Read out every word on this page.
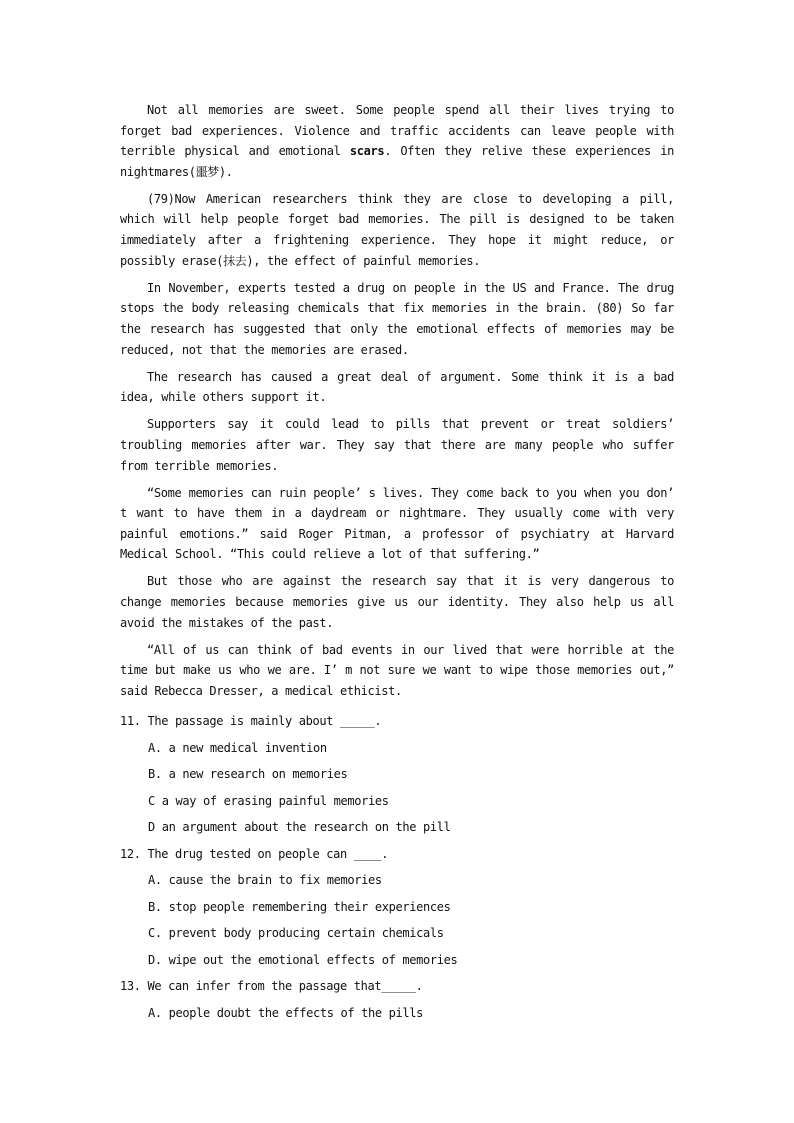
Not all memories are sweet. Some people spend all their lives trying to forget bad experiences. Violence and traffic accidents can leave people with terrible physical and emotional scars. Often they relive these experiences in nightmares(噩梦).

(79)Now American researchers think they are close to developing a pill, which will help people forget bad memories. The pill is designed to be taken immediately after a frightening experience. They hope it might reduce, or possibly erase(抹去), the effect of painful memories.

In November, experts tested a drug on people in the US and France. The drug stops the body releasing chemicals that fix memories in the brain. (80) So far the research has suggested that only the emotional effects of memories may be reduced, not that the memories are erased.

The research has caused a great deal of argument. Some think it is a bad idea, while others support it.

Supporters say it could lead to pills that prevent or treat soldiers’ troubling memories after war. They say that there are many people who suffer from terrible memories.

“Some memories can ruin people’ s lives. They come back to you when you don’ t want to have them in a daydream or nightmare. They usually come with very painful emotions.” said Roger Pitman, a professor of psychiatry at Harvard Medical School. “This could relieve a lot of that suffering.”

But those who are against the research say that it is very dangerous to change memories because memories give us our identity. They also help us all avoid the mistakes of the past.

“All of us can think of bad events in our lived that were horrible at the time but make us who we are. I’ m not sure we want to wipe those memories out,” said Rebecca Dresser, a medical ethicist.

11. The passage is mainly about _____.

A. a new medical invention

B. a new research on memories

C a way of erasing painful memories

D an argument about the research on the pill

12. The drug tested on people can ____.

A. cause the brain to fix memories

B. stop people remembering their experiences

C. prevent body producing certain chemicals

D. wipe out the emotional effects of memories

13. We can infer from the passage that_____.

A. people doubt the effects of the pills
